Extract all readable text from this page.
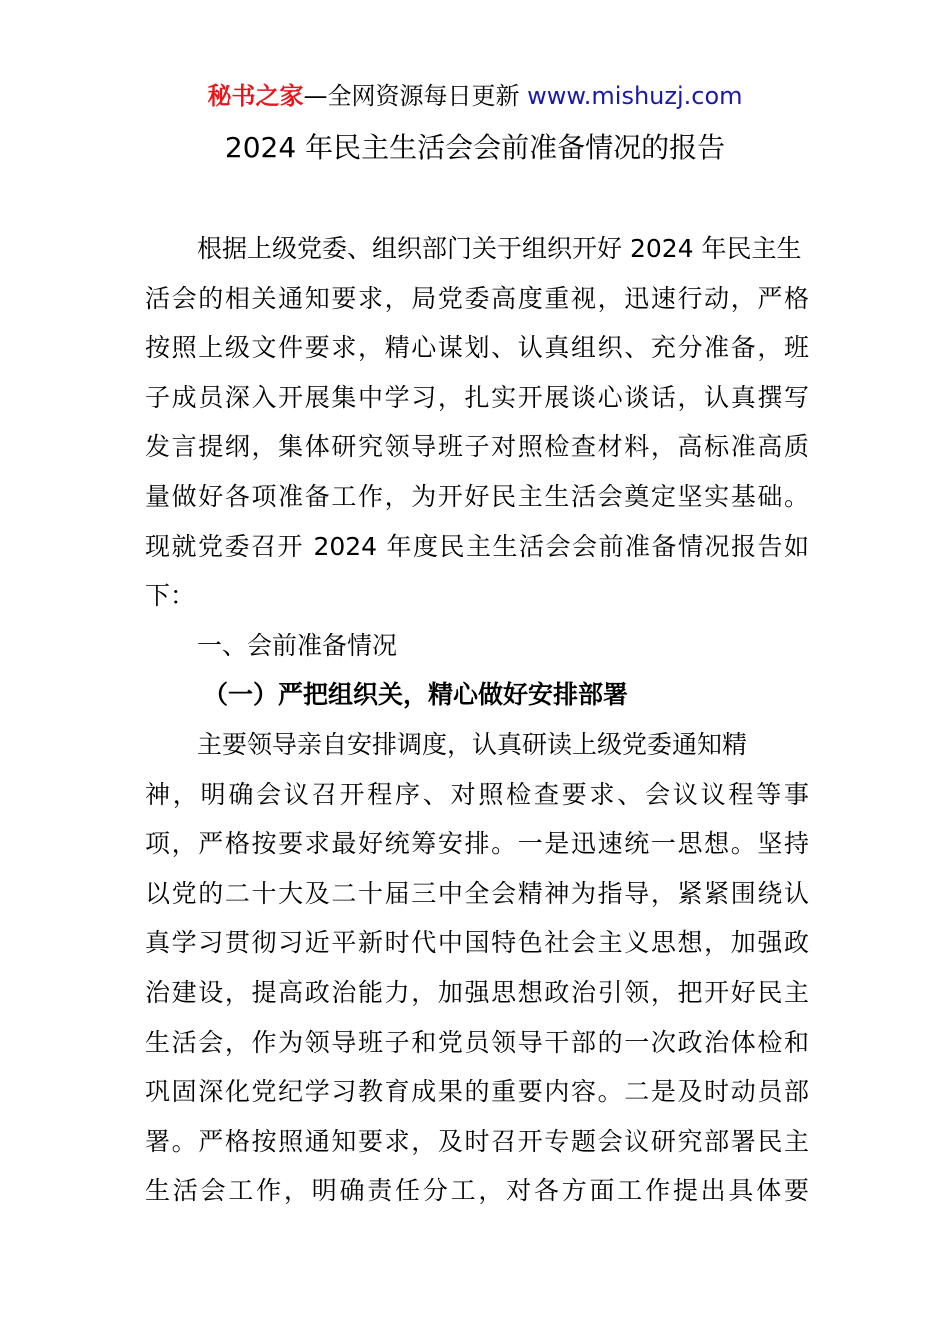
秘书之家—全网资源每日更新 www.mishuzj.com
2024 年民主生活会会前准备情况的报告
根据上级党委、组织部门关于组织开好 2024 年民主生
活会的相关通知要求，局党委高度重视，迅速行动，严格
按照上级文件要求，精心谋划、认真组织、充分准备，班
子成员深入开展集中学习，扎实开展谈心谈话，认真撰写
发言提纲，集体研究领导班子对照检查材料，高标准高质
量做好各项准备工作，为开好民主生活会奠定坚实基础。
现就党委召开 2024 年度民主生活会会前准备情况报告如
下：
一、会前准备情况
（一）严把组织关，精心做好安排部署
主要领导亲自安排调度，认真研读上级党委通知精
神，明确会议召开程序、对照检查要求、会议议程等事
项，严格按要求最好统筹安排。一是迅速统一思想。坚持
以党的二十大及二十届三中全会精神为指导，紧紧围绕认
真学习贯彻习近平新时代中国特色社会主义思想，加强政
治建设，提高政治能力，加强思想政治引领，把开好民主
生活会，作为领导班子和党员领导干部的一次政治体检和
巩固深化党纪学习教育成果的重要内容。二是及时动员部
署。严格按照通知要求，及时召开专题会议研究部署民主
生活会工作，明确责任分工，对各方面工作提出具体要
